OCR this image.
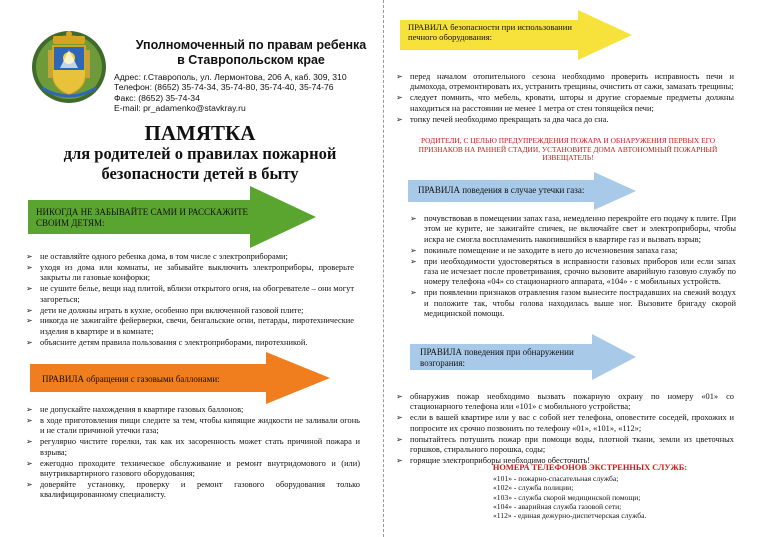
Уполномоченный по правам ребенка
в Ставропольском крае
Адрес: г.Ставрополь, ул. Лермонтова, 206 А, каб. 309, 310
Телефон: (8652) 35-74-34, 35-74-80, 35-74-40, 35-74-76
Факс: (8652) 35-74-34
E-mail: pr_adamenko@stavkray.ru
ПАМЯТКА
для родителей о правилах пожарной
безопасности детей в быту
НИКОГДА НЕ ЗАБЫВАЙТЕ САМИ И РАССКАЖИТЕ СВОИМ ДЕТЯМ:
➢ не оставляйте одного ребенка дома, в том числе с электроприборами;
➢ уходя из дома или комнаты, не забывайте выключить электроприборы, проверьте закрыты ли газовые конфорки;
➢ не сушите белье, вещи над плитой, вблизи открытого огня, на обогревателе – они могут загореться;
➢ дети не должны играть в кухне, особенно при включенной газовой плите;
➢ никогда не зажигайте фейерверки, свечи, бенгальские огни, петарды, пиротехнические изделия в квартире и в комнате;
➢ объясните детям правила пользования с электроприборами, пиротехникой.
ПРАВИЛА обращения с газовыми баллонами:
➢ не допускайте нахождения в квартире газовых баллонов;
➢ в ходе приготовления пищи следите за тем, чтобы кипящие жидкости не заливали огонь и не стали причиной утечки газа;
➢ регулярно чистите горелки, так как их засоренность может стать причиной пожара и взрыва;
➢ ежегодно проходите техническое обслуживание и ремонт внутридомового и (или) внутриквартирного газового оборудования;
➢ доверяйте установку, проверку и ремонт газового оборудования только квалифицированному специалисту.
ПРАВИЛА безопасности при использовании печного оборудования:
➢ перед началом отопительного сезона необходимо проверить исправность печи и дымохода, отремонтировать их, устранить трещины, очистить от сажи, замазать трещины;
➢ следует помнить, что мебель, кровати, шторы и другие сгораемые предметы должны находиться на расстоянии не менее 1 метра от стен топящейся печи;
➢ топку печей необходимо прекращать за два часа до сна.
РОДИТЕЛИ, С ЦЕЛЬЮ ПРЕДУПРЕЖДЕНИЯ ПОЖАРА И ОБНАРУЖЕНИЯ ПЕРВЫХ ЕГО ПРИЗНАКОВ НА РАННЕЙ СТАДИИ, УСТАНОВИТЕ ДОМА АВТОНОМНЫЙ ПОЖАРНЫЙ ИЗВЕЩАТЕЛЬ!
ПРАВИЛА поведения в случае утечки газа:
➢ почувствовав в помещении запах газа, немедленно перекройте его подачу к плите. При этом не курите, не зажигайте спичек, не включайте свет и электроприборы, чтобы искра не смогла воспламенить накопившийся в квартире газ и вызвать взрыв;
➢ покиньте помещение и не заходите в него до исчезновения запаха газа;
➢ при необходимости удостоверяться в исправности газовых приборов или если запах газа не исчезает после проветривания, срочно вызовите аварийную газовую службу по номеру телефона «04» со стационарного аппарата, «104» - с мобильных устройств.
➢ при появлении признаков отравления газом вынесите пострадавших на свежий воздух и положите так, чтобы голова находилась выше ног. Вызовите бригаду скорой медицинской помощи.
ПРАВИЛА поведения при обнаружении возгорания:
➢ обнаружив пожар необходимо вызвать пожарную охрану по номеру «01» со стационарного телефона или «101» с мобильного устройства;
➢ если в вашей квартире или у вас с собой нет телефона, оповестите соседей, прохожих и попросите их срочно позвонить по телефону «01», «101», «112»;
➢ попытайтесь потушить пожар при помощи воды, плотной ткани, земли из цветочных горшков, стирального порошка, соды;
➢ горящие электроприборы необходимо обесточить!
НОМЕРА ТЕЛЕФОНОВ ЭКСТРЕННЫХ СЛУЖБ:
«101» - пожарно-спасательная служба;
«102» - служба полиции;
«103» - служба скорой медицинской помощи;
«104» - аварийная служба газовой сети;
«112» - единая дежурно-диспетчерская служба.
